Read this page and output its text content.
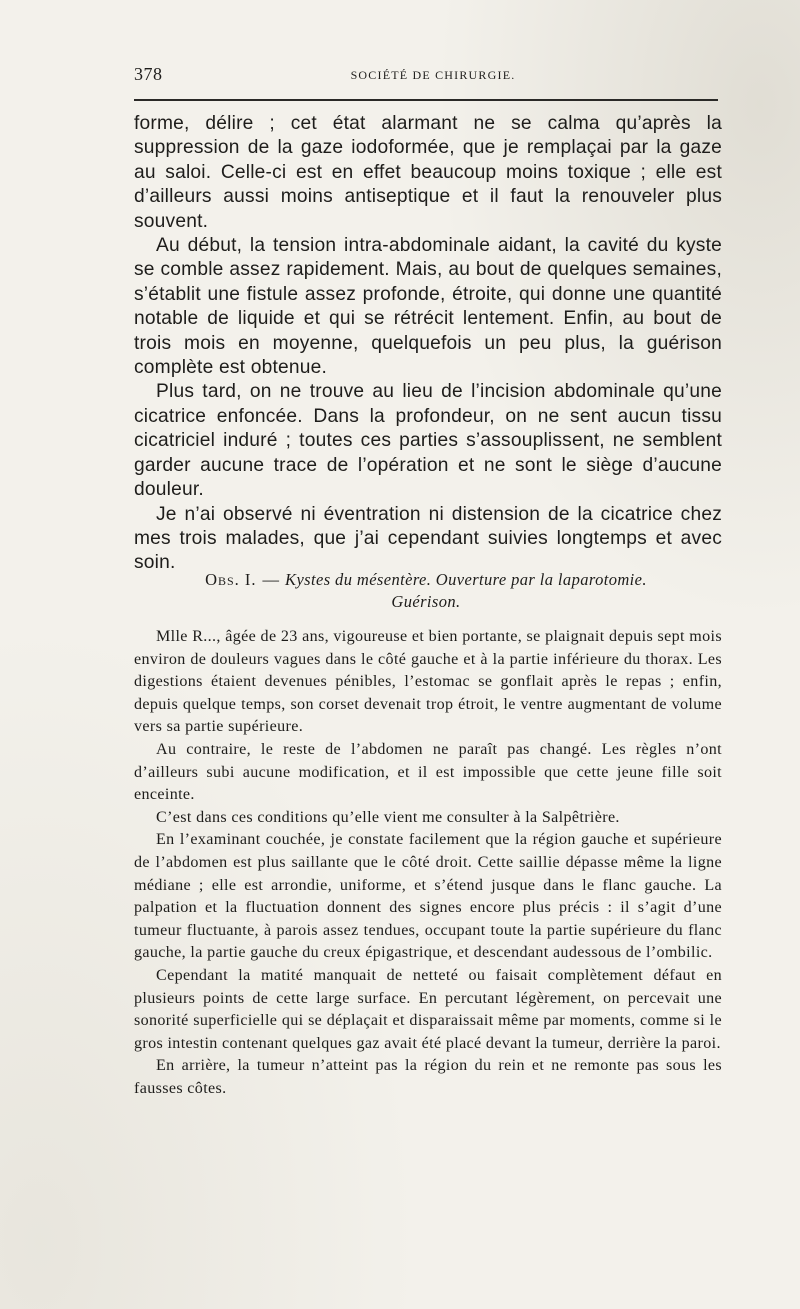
378	SOCIÉTÉ DE CHIRURGIE.

forme, délire ; cet état alarmant ne se calma qu’après la suppression de la gaze iodoformée, que je remplaçai par la gaze au saloi. Celle-ci est en effet beaucoup moins toxique ; elle est d’ailleurs aussi moins antiseptique et il faut la renouveler plus souvent.

Au début, la tension intra-abdominale aidant, la cavité du kyste se comble assez rapidement. Mais, au bout de quelques semaines, s’établit une fistule assez profonde, étroite, qui donne une quantité notable de liquide et qui se rétrécit lentement. Enfin, au bout de trois mois en moyenne, quelquefois un peu plus, la guérison complète est obtenue.

Plus tard, on ne trouve au lieu de l’incision abdominale qu’une cicatrice enfoncée. Dans la profondeur, on ne sent aucun tissu cicatriciel induré ; toutes ces parties s’assouplissent, ne semblent garder aucune trace de l’opération et ne sont le siège d’aucune douleur.

Je n’ai observé ni éventration ni distension de la cicatrice chez mes trois malades, que j’ai cependant suivies longtemps et avec soin.

Obs. I. — Kystes du mésentère. Ouverture par la laparotomie.
Guérison.

Mlle R..., âgée de 23 ans, vigoureuse et bien portante, se plaignait depuis sept mois environ de douleurs vagues dans le côté gauche et à la partie inférieure du thorax. Les digestions étaient devenues pénibles, l’estomac se gonflait après le repas ; enfin, depuis quelque temps, son corset devenait trop étroit, le ventre augmentant de volume vers sa partie supérieure.

Au contraire, le reste de l’abdomen ne paraît pas changé. Les règles n’ont d’ailleurs subi aucune modification, et il est impossible que cette jeune fille soit enceinte.

C’est dans ces conditions qu’elle vient me consulter à la Salpêtrière.

En l’examinant couchée, je constate facilement que la région gauche et supérieure de l’abdomen est plus saillante que le côté droit. Cette saillie dépasse même la ligne médiane ; elle est arrondie, uniforme, et s’étend jusque dans le flanc gauche. La palpation et la fluctuation donnent des signes encore plus précis : il s’agit d’une tumeur fluctuante, à parois assez tendues, occupant toute la partie supérieure du flanc gauche, la partie gauche du creux épigastrique, et descendant audessous de l’ombilic.

Cependant la matité manquait de netteté ou faisait complètement défaut en plusieurs points de cette large surface. En percutant légèrement, on percevait une sonorité superficielle qui se déplaçait et disparaissait même par moments, comme si le gros intestin contenant quelques gaz avait été placé devant la tumeur, derrière la paroi.

En arrière, la tumeur n’atteint pas la région du rein et ne remonte pas sous les fausses côtes.
